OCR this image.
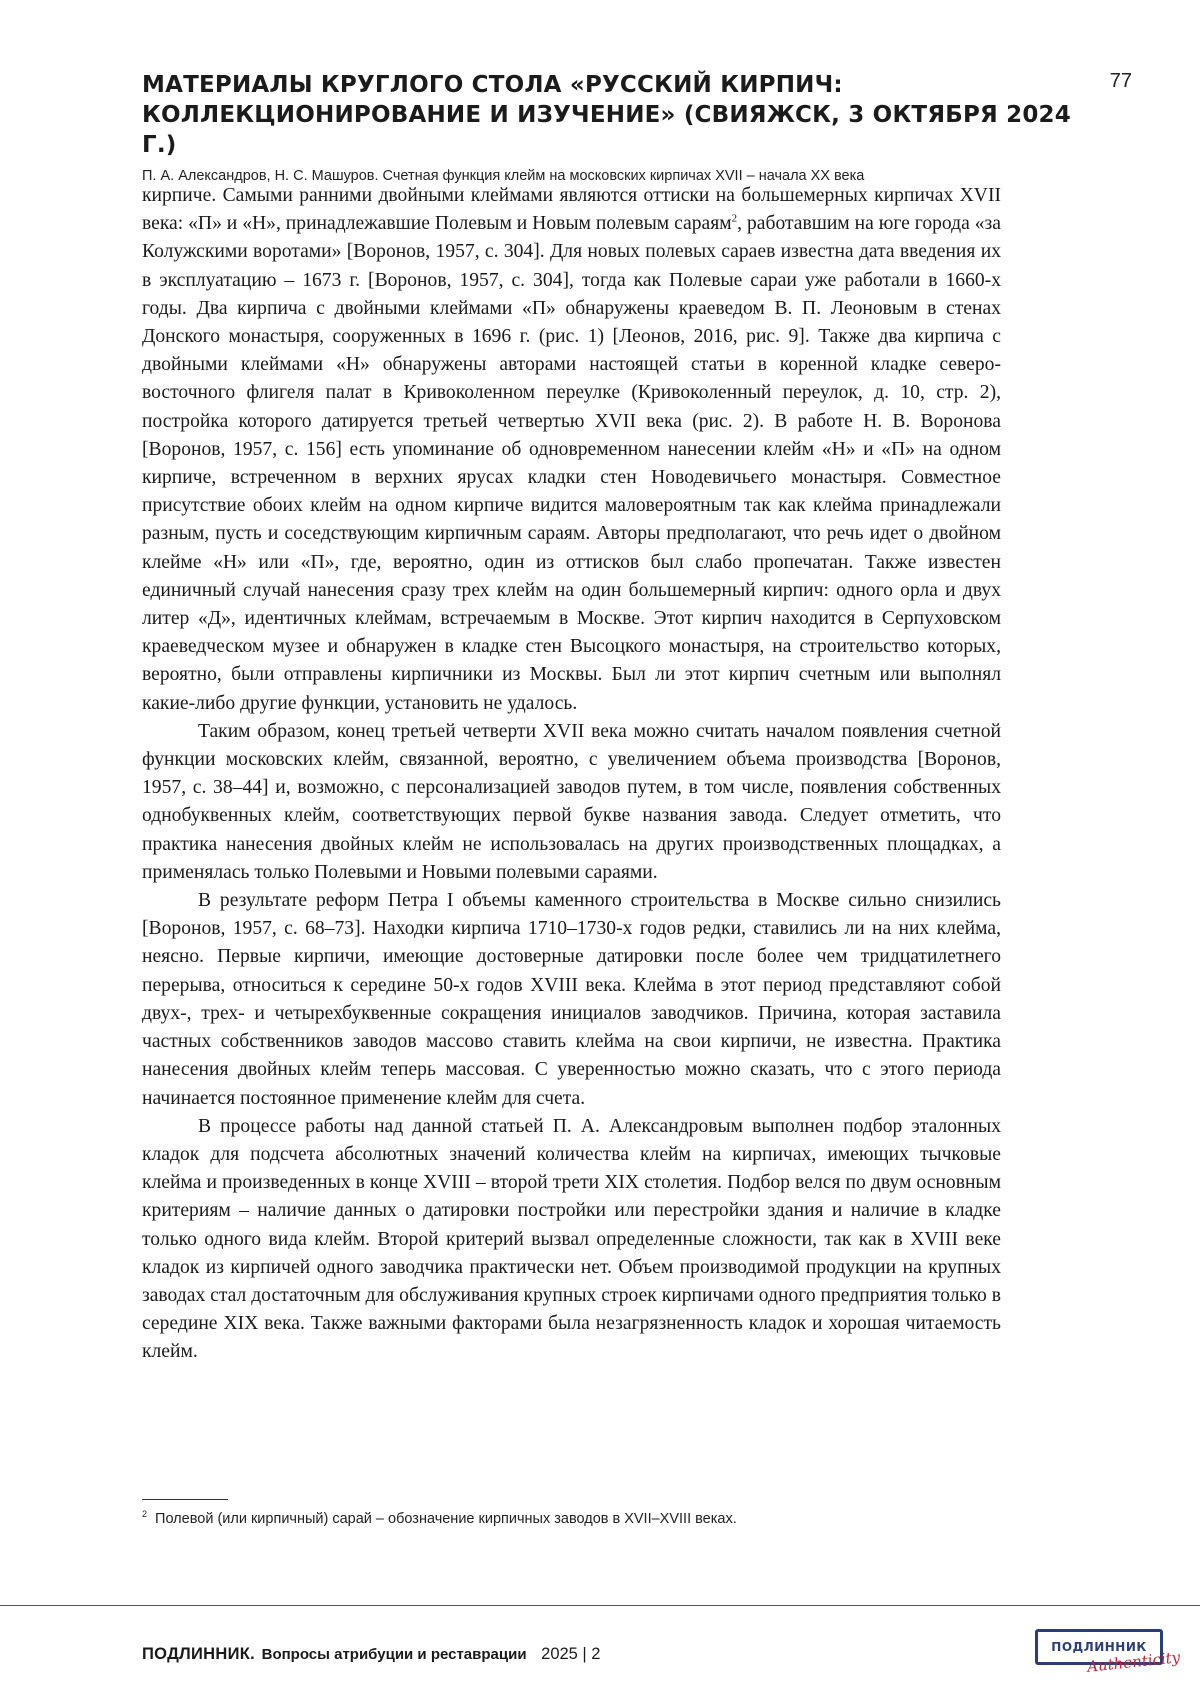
77
МАТЕРИАЛЫ КРУГЛОГО СТОЛА «РУССКИЙ КИРПИЧ: КОЛЛЕКЦИОНИРОВАНИЕ И ИЗУЧЕНИЕ» (СВИЯЖСК, 3 ОКТЯБРЯ 2024 Г.)
П. А. Александров, Н. С. Машуров. Счетная функция клейм на московских кирпичах XVII – начала XX века

кирпиче. Самыми ранними двойными клеймами являются оттиски на большемерных кирпичах XVII века: «П» и «Н», принадлежавшие Полевым и Новым полевым сараям2, работавшим на юге города «за Колужскими воротами» [Воронов, 1957, с. 304]. Для новых полевых сараев известна дата введения их в эксплуатацию – 1673 г. [Воронов, 1957, с. 304], тогда как Полевые сараи уже работали в 1660-х годы. Два кирпича с двойными клеймами «П» обнаружены краеведом В. П. Леоновым в стенах Донского монастыря, сооруженных в 1696 г. (рис. 1) [Леонов, 2016, рис. 9]. Также два кирпича с двойными клеймами «Н» обнаружены авторами настоящей статьи в коренной кладке северо-восточного флигеля палат в Кривоколенном переулке (Кривоколенный переулок, д. 10, стр. 2), постройка которого датируется третьей четвертью XVII века (рис. 2). В работе Н. В. Воронова [Воронов, 1957, с. 156] есть упоминание об одновременном нанесении клейм «Н» и «П» на одном кирпиче, встреченном в верхних ярусах кладки стен Новодевичьего монастыря. Совместное присутствие обоих клейм на одном кирпиче видится маловероятным так как клейма принадлежали разным, пусть и соседствующим кирпичным сараям. Авторы предполагают, что речь идет о двойном клейме «Н» или «П», где, вероятно, один из оттисков был слабо пропечатан. Также известен единичный случай нанесения сразу трех клейм на один большемерный кирпич: одного орла и двух литер «Д», идентичных клеймам, встречаемым в Москве. Этот кирпич находится в Серпуховском краеведческом музее и обнаружен в кладке стен Высоцкого монастыря, на строительство которых, вероятно, были отправлены кирпичники из Москвы. Был ли этот кирпич счетным или выполнял какие-либо другие функции, установить не удалось.

Таким образом, конец третьей четверти XVII века можно считать началом появления счетной функции московских клейм, связанной, вероятно, с увеличением объема производства [Воронов, 1957, с. 38–44] и, возможно, с персонализацией заводов путем, в том числе, появления собственных однобуквенных клейм, соответствующих первой букве названия завода. Следует отметить, что практика нанесения двойных клейм не использовалась на других производственных площадках, а применялась только Полевыми и Новыми полевыми сараями.

В результате реформ Петра I объемы каменного строительства в Москве сильно снизились [Воронов, 1957, с. 68–73]. Находки кирпича 1710–1730-х годов редки, ставились ли на них клейма, неясно. Первые кирпичи, имеющие достоверные датировки после более чем тридцатилетнего перерыва, относиться к середине 50-х годов XVIII века. Клейма в этот период представляют собой двух-, трех- и четырехбуквенные сокращения инициалов заводчиков. Причина, которая заставила частных собственников заводов массово ставить клейма на свои кирпичи, не известна. Практика нанесения двойных клейм теперь массовая. С уверенностью можно сказать, что с этого периода начинается постоянное применение клейм для счета.

В процессе работы над данной статьей П. А. Александровым выполнен подбор эталонных кладок для подсчета абсолютных значений количества клейм на кирпичах, имеющих тычковые клейма и произведенных в конце XVIII – второй трети XIX столетия. Подбор велся по двум основным критериям – наличие данных о датировки постройки или перестройки здания и наличие в кладке только одного вида клейм. Второй критерий вызвал определенные сложности, так как в XVIII веке кладок из кирпичей одного заводчика практически нет. Объем производимой продукции на крупных заводах стал достаточным для обслуживания крупных строек кирпичами одного предприятия только в середине XIX века. Также важными факторами была незагрязненность кладок и хорошая читаемость клейм.

2 Полевой (или кирпичный) сарай – обозначение кирпичных заводов в XVII–XVIII веках.
ПОДЛИННИК. Вопросы атрибуции и реставрации 2025 | 2	ПОДЛИННИК
Authenticity
